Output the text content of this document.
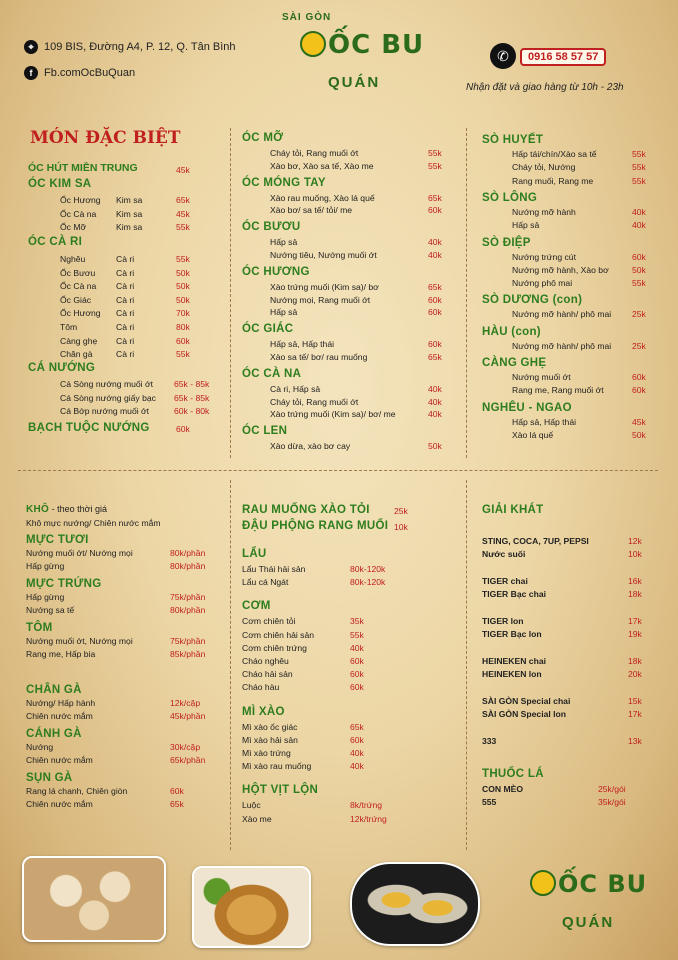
⌖ 109 BIS, Đường A4, P. 12, Q. Tân Bình
f Fb.comOcBuQuan
SÀI GÒN
ỐC BU
QUÁN
✆	0916 58 57 57
Nhận đặt và giao hàng từ 10h - 23h
MÓN ĐẶC BIỆT
ÓC HÚT MIỀN TRUNG	45k
ÓC KIM SA
Ốc Hương Kim sa	65k
Ốc Cà na Kim sa	45k
Ốc Mỡ	Kim sa	55k
ÓC CÀ RI
Nghêu	Cà ri	55k
Ốc Bươu Cà ri	50k
Ốc Cà na Cà ri	50k
Ốc Giác	Cà ri	50k
Ốc Hương Cà ri	70k
Tôm	Cà ri	80k
Càng ghẹ Cà ri	60k
Chân gà	Cà ri	55k
CÁ NƯỚNG
Cá Sòng nướng muối ớt 65k - 85k
Cá Sòng nướng giấy bạc 65k - 85k
Cá Bớp nướng muối ớt	60k - 80k
BẠCH TUỘC NƯỚNG	60k
ÓC MỠ
Cháy tỏi, Rang muối ớt	55k
Xào bơ, Xào sa tế, Xào me	55k
ÓC MÓNG TAY
Xào rau muống, Xào lá quế	65k
Xào bơ/ sa tế/ tỏi/ me	60k
ÓC BƯƠU
Hấp sả	40k
Nướng tiêu, Nướng muối ớt	40k
ÓC HƯƠNG
Xào trứng muối (Kim sa)/ bơ	65k
Nướng mọi, Rang muối ớt	60k
Hấp sả	60k
ÓC GIÁC
Hấp sả, Hấp thái	60k
Xào sa tế/ bơ/ rau muống	65k
ÓC CÀ NA
Cà ri, Hấp sả	40k
Cháy tỏi, Rang muối ớt	40k
Xào trứng muối (Kim sa)/ bơ/ me	40k
ÓC LEN
Xào dừa, xào bơ cay	50k
SÒ HUYẾT
Hấp tái/chín/Xào sa tế	55k
Cháy tỏi, Nướng	55k
Rang muối, Rang me	55k
SÒ LÔNG
Nướng mỡ hành	40k
Hấp sả	40k
SÒ ĐIỆP
Nướng trứng cút	60k
Nướng mỡ hành, Xào bơ	50k
Nướng phô mai	55k
SÒ DƯƠNG (con)
Nướng mỡ hành/ phô mai 25k
HÀU (con)
Nướng mỡ hành/ phô mai 25k
CÀNG GHẸ
Nướng muối ớt	60k
Rang me, Rang muối ớt	60k
NGHÊU - NGAO
Hấp sả, Hấp thái	45k
Xào lá quế	50k
KHÔ - theo thời giá
Khô mực nướng/ Chiên nước mắm
MỰC TƯƠI
Nướng muối ớt/ Nướng mọi	80k/phần
Hấp gừng	80k/phần
MỰC TRỨNG
Hấp gừng	75k/phần
Nướng sa tế	80k/phần
TÔM
Nướng muối ớt, Nướng mọi	75k/phần
Rang me, Hấp bia	85k/phần
CHÂN GÀ
Nướng/ Hấp hành	12k/cặp
Chiên nước mắm	45k/phần
CÁNH GÀ
Nướng	30k/cặp
Chiên nước mắm	65k/phần
SỤN GÀ
Rang lá chanh, Chiên giòn	60k
Chiên nước mắm	65k
RAU MUỐNG XÀO TỎI	25k
ĐẬU PHỘNG RANG MUỐI 10k
LẨU
Lẩu Thái hải sản	80k-120k
Lẩu cá Ngát	80k-120k
CƠM
Cơm chiên tỏi	35k
Cơm chiên hải sản	55k
Cơm chiên trứng	40k
Cháo nghêu	60k
Cháo hải sản	60k
Cháo hàu	60k
MÌ XÀO
Mì xào ốc giác	65k
Mì xào hải sản	60k
Mì xào trứng	40k
Mì xào rau muống	40k
HỘT VỊT LỘN
Luộc	8k/trứng
Xào me	12k/trứng
GIẢI KHÁT
STING, COCA, 7UP, PEPSI	12k
Nước suối	10k
TIGER chai	16k
TIGER Bạc chai	18k
TIGER lon	17k
TIGER Bạc lon	19k
HEINEKEN chai	18k
HEINEKEN lon	20k
SÀI GÒN Special chai	15k
SÀI GÒN Special lon	17k
333	13k
THUỐC LÁ
CON MÈO	25k/gói
555	35k/gói
ỐC BU
QUÁN
